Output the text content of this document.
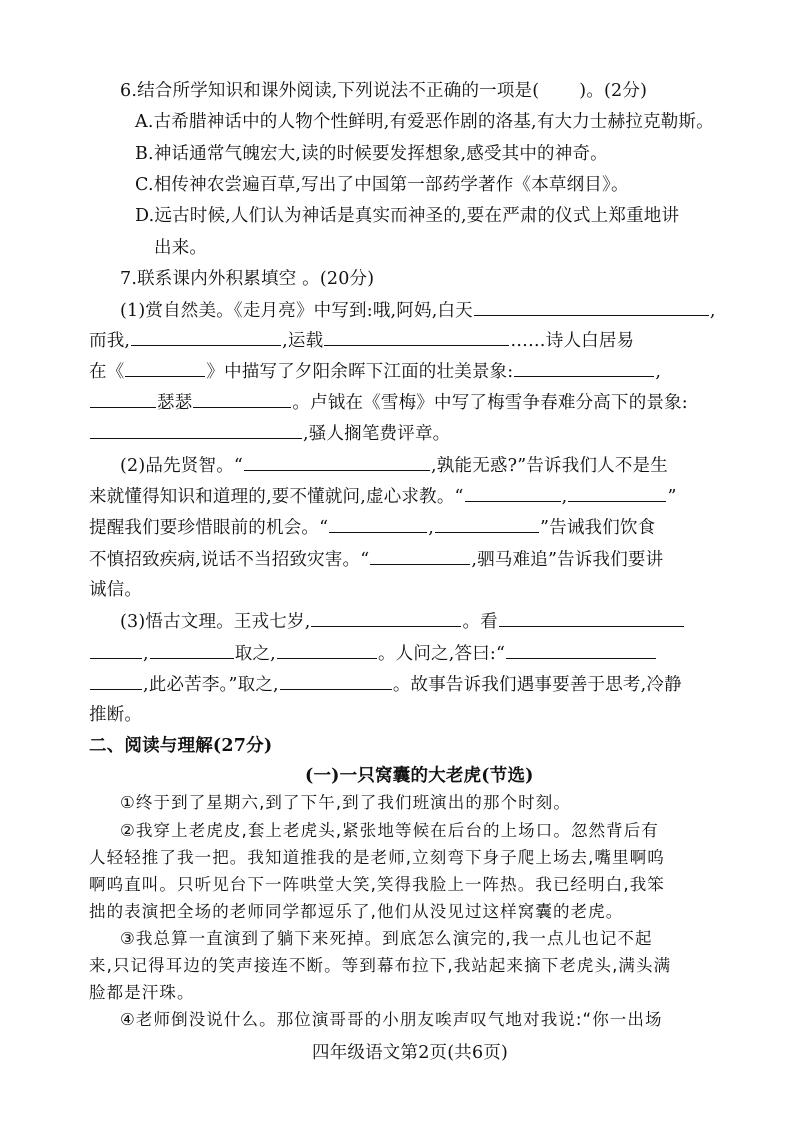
6.结合所学知识和课外阅读,下列说法不正确的一项是( )。(2分)
A.古希腊神话中的人物个性鲜明,有爱恶作剧的洛基,有大力士赫拉克勒斯。
B.神话通常气魄宏大,读的时候要发挥想象,感受其中的神奇。
C.相传神农尝遍百草,写出了中国第一部药学著作《本草纲目》。
D.远古时候,人们认为神话是真实而神圣的,要在严肃的仪式上郑重地讲
出来。
7.联系课内外积累填空 。(20分)
(1)赏自然美。《走月亮》中写到:哦,阿妈,白天	,
而我,	,运载	……诗人白居易
在《	》中描写了夕阳余晖下江面的壮美景象:	,
瑟瑟	。卢钺在《雪梅》中写了梅雪争春难分高下的景象:
,骚人搁笔费评章。
(2)品先贤智。“	,孰能无惑?”告诉我们人不是生
来就懂得知识和道理的,要不懂就问,虚心求教。“	,	”
提醒我们要珍惜眼前的机会。“	,	”告诫我们饮食
不慎招致疾病,说话不当招致灾害。“	,驷马难追”告诉我们要讲
诚信。
(3)悟古文理。王戎七岁,	。看
,	取之,	。人问之,答曰:“
,此必苦李。”取之,	。故事告诉我们遇事要善于思考,冷静
推断。
二、阅读与理解(27分)
(一)一只窝囊的大老虎(节选)
①终于到了星期六,到了下午,到了我们班演出的那个时刻。
②我穿上老虎皮,套上老虎头,紧张地等候在后台的上场口。忽然背后有
人轻轻推了我一把。我知道推我的是老师,立刻弯下身子爬上场去,嘴里啊呜
啊呜直叫。只听见台下一阵哄堂大笑,笑得我脸上一阵热。我已经明白,我笨
拙的表演把全场的老师同学都逗乐了,他们从没见过这样窝囊的老虎。
③我总算一直演到了躺下来死掉。到底怎么演完的,我一点儿也记不起
来,只记得耳边的笑声接连不断。等到幕布拉下,我站起来摘下老虎头,满头满
脸都是汗珠。
④老师倒没说什么。那位演哥哥的小朋友唉声叹气地对我说:“你一出场
四年级语文第2页(共6页)
